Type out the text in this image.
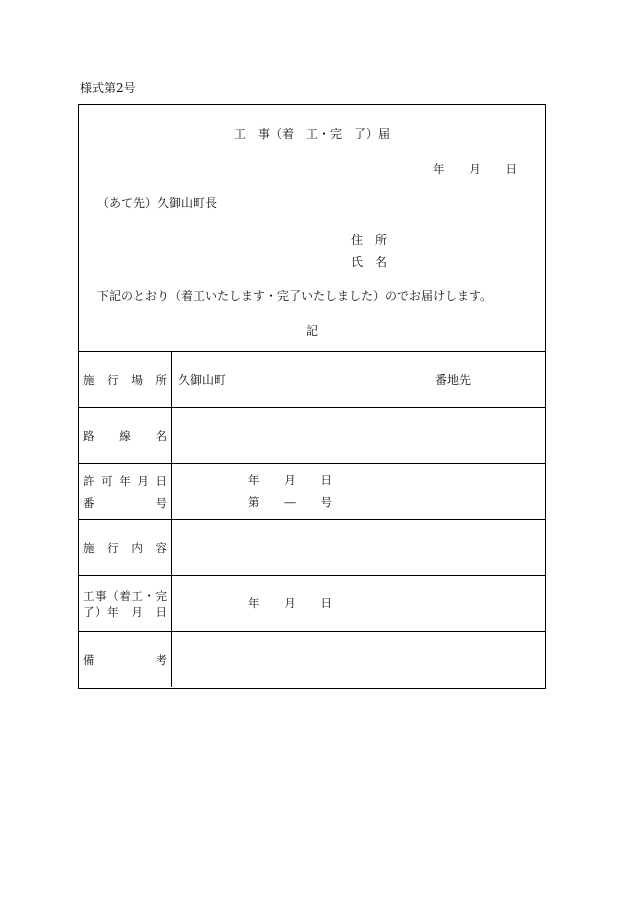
様式第2号
工　事（着　工・完　了）届
年　　月　　日
（あて先）久御山町長
住　所
氏　名
下記のとおり（着工いたします・完了いたしました）のでお届けします。
記
施　行　場　所 久御山町	番地先
路　　線　　名
許 可 年 月 日
番　　　　　号
年　　月　　日
第　　―　　号
施　行　内　容
工事（着工・完
了）年　月　日
年　　月　　日
備　　　　考
